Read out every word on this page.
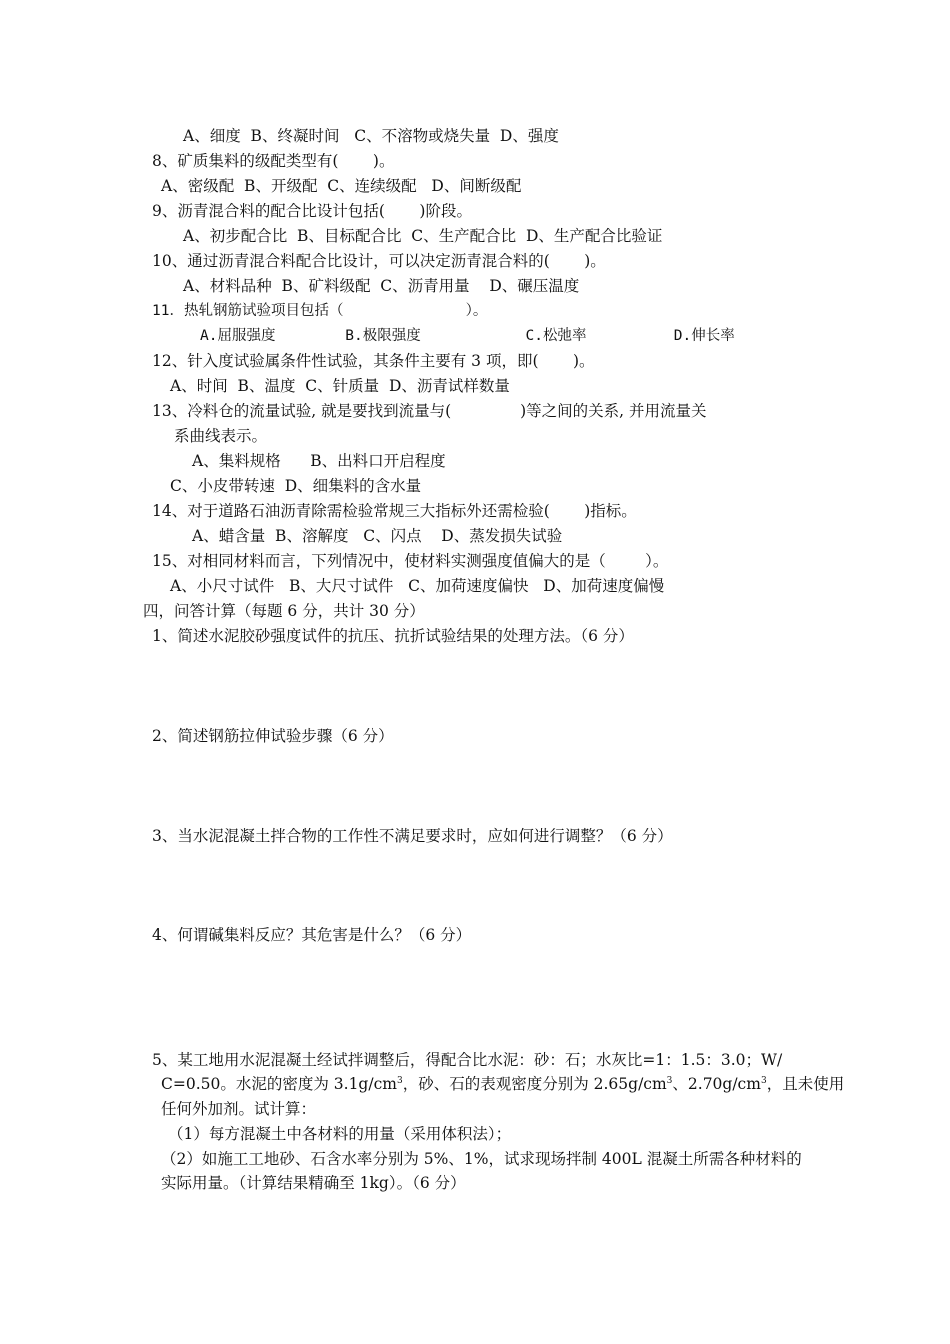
A、细度  B、终凝时间   C、不溶物或烧失量  D、强度
8、矿质集料的级配类型有(       )。
A、密级配  B、开级配  C、连续级配   D、间断级配
9、沥青混合料的配合比设计包括(       )阶段。
A、初步配合比  B、目标配合比  C、生产配合比  D、生产配合比验证
10、通过沥青混合料配合比设计，可以决定沥青混合料的(       )。
A、材料品种  B、矿料级配  C、沥青用量    D、碾压温度
11．热轧钢筋试验项目包括（              ）。
A.屈服强度        B.极限强度            C.松弛率          D.伸长率
12、针入度试验属条件性试验，其条件主要有 3 项，即(       )。
A、时间  B、温度  C、针质量  D、沥青试样数量
13、冷料仓的流量试验, 就是要找到流量与(              )等之间的关系, 并用流量关
系曲线表示。
A、集料规格      B、出料口开启程度
C、小皮带转速  D、细集料的含水量
14、对于道路石油沥青除需检验常规三大指标外还需检验(       )指标。
A、蜡含量  B、溶解度   C、闪点    D、蒸发损失试验
15、对相同材料而言，下列情况中，使材料实测强度值偏大的是（        ）。
A、小尺寸试件   B、大尺寸试件   C、加荷速度偏快   D、加荷速度偏慢
四，问答计算（每题 6 分，共计 30 分）
1、简述水泥胶砂强度试件的抗压、抗折试验结果的处理方法。（6 分）
2、简述钢筋拉伸试验步骤（6 分）
3、当水泥混凝土拌合物的工作性不满足要求时，应如何进行调整？（6 分）
4、何谓碱集料反应？其危害是什么？（6 分）
5、某工地用水泥混凝土经试拌调整后，得配合比水泥：砂：石；水灰比=1：1.5：3.0；W/
C=0.50。水泥的密度为 $3.1g/cm^3$，砂、石的表观密度分别为 $2.65g/cm^3$、$2.70g/cm^3$，且未使用
任何外加剂。试计算：
（1）每方混凝土中各材料的用量（采用体积法）；
（2）如施工工地砂、石含水率分别为 5%、1%，试求现场拌制 400L 混凝土所需各种材料的
实际用量。（计算结果精确至 1kg）。（6 分）
